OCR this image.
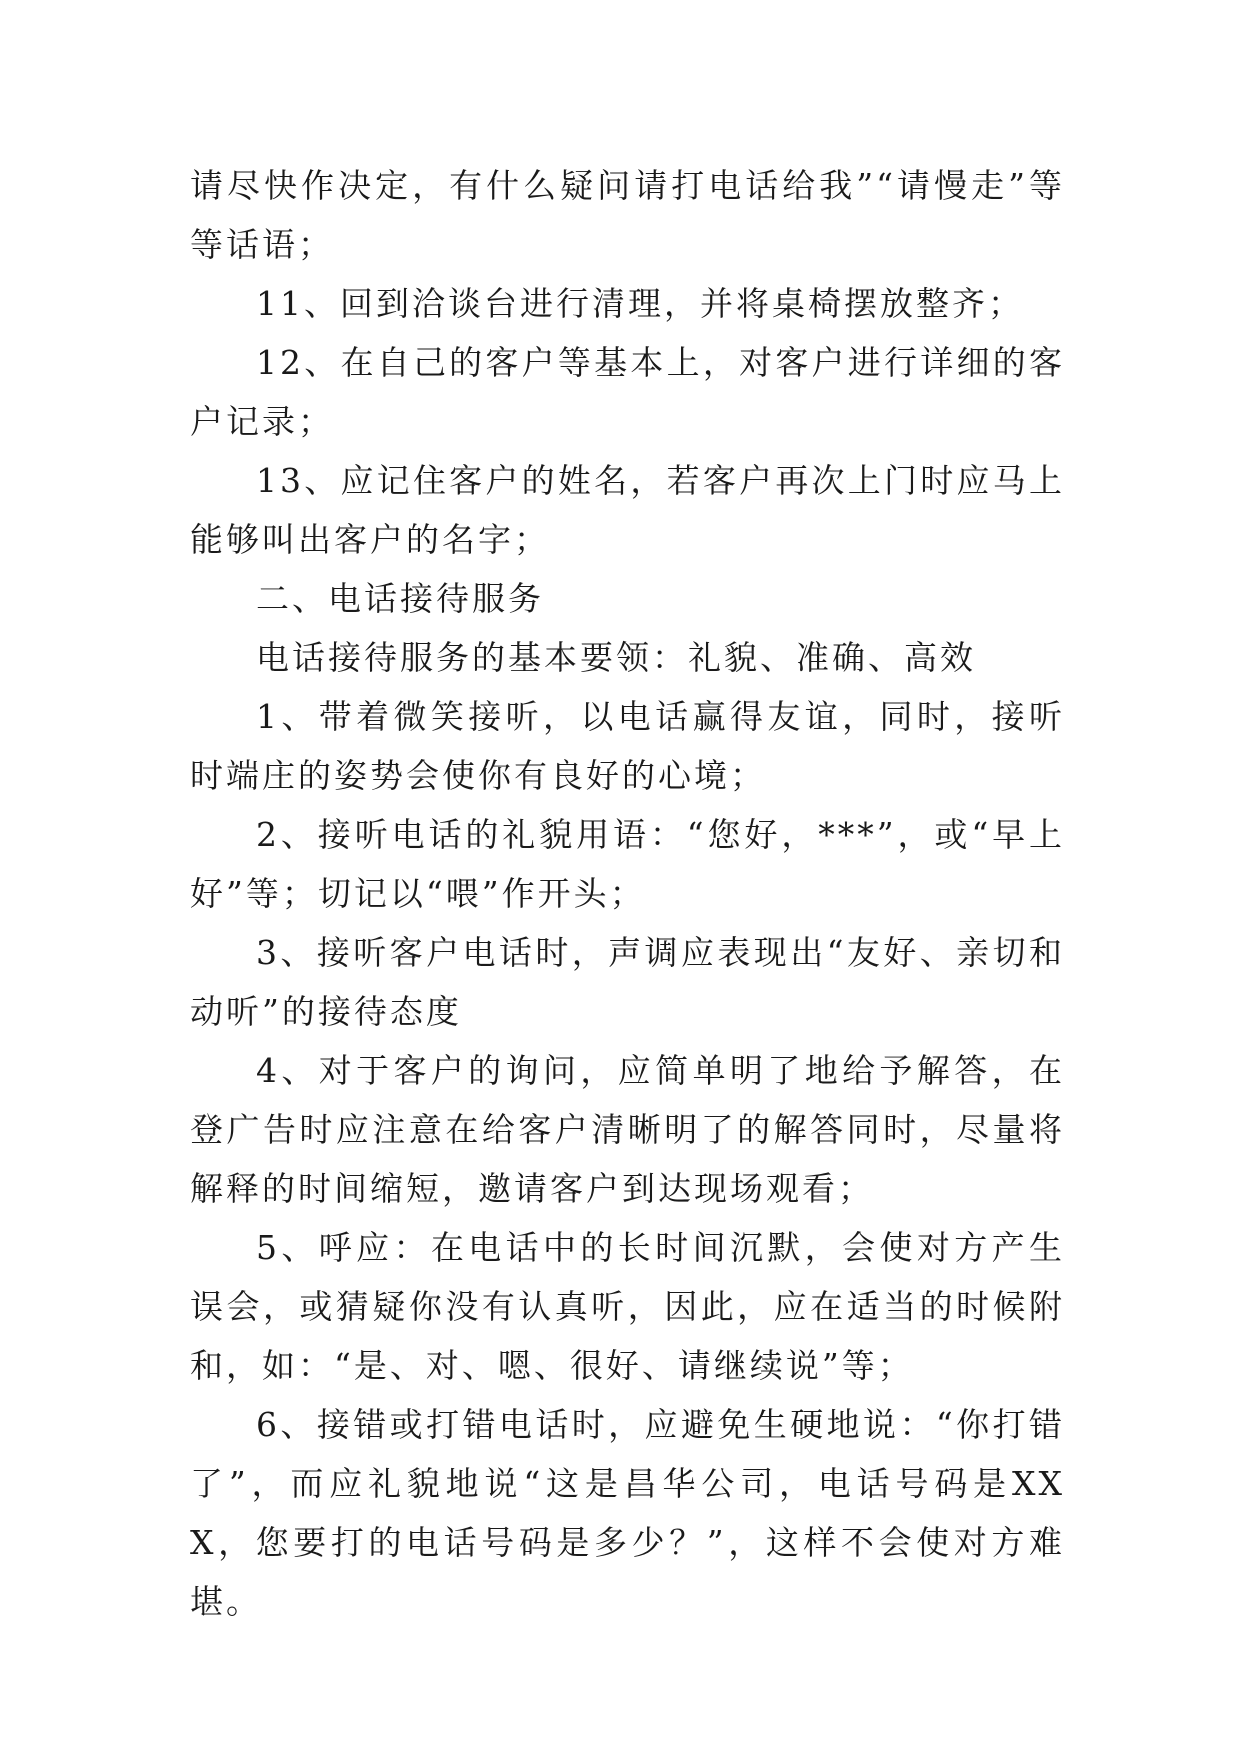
请尽快作决定，有什么疑问请打电话给我”“请慢走”等等话语；

11、回到洽谈台进行清理，并将桌椅摆放整齐；

12、在自己的客户等基本上，对客户进行详细的客户记录；

13、应记住客户的姓名，若客户再次上门时应马上能够叫出客户的名字；

二、电话接待服务

电话接待服务的基本要领：礼貌、准确、高效

1、带着微笑接听，以电话赢得友谊，同时，接听时端庄的姿势会使你有良好的心境；

2、接听电话的礼貌用语：“您好，***”，或“早上好”等；切记以“喂”作开头；

3、接听客户电话时，声调应表现出“友好、亲切和动听”的接待态度

4、对于客户的询问，应简单明了地给予解答，在登广告时应注意在给客户清晰明了的解答同时，尽量将解释的时间缩短，邀请客户到达现场观看；

5、呼应：在电话中的长时间沉默，会使对方产生误会，或猜疑你没有认真听，因此，应在适当的时候附和，如：“是、对、嗯、很好、请继续说”等；

6、接错或打错电话时，应避免生硬地说：“你打错了”，而应礼貌地说“这是昌华公司，电话号码是XXX，您要打的电话号码是多少？”，这样不会使对方难堪。
